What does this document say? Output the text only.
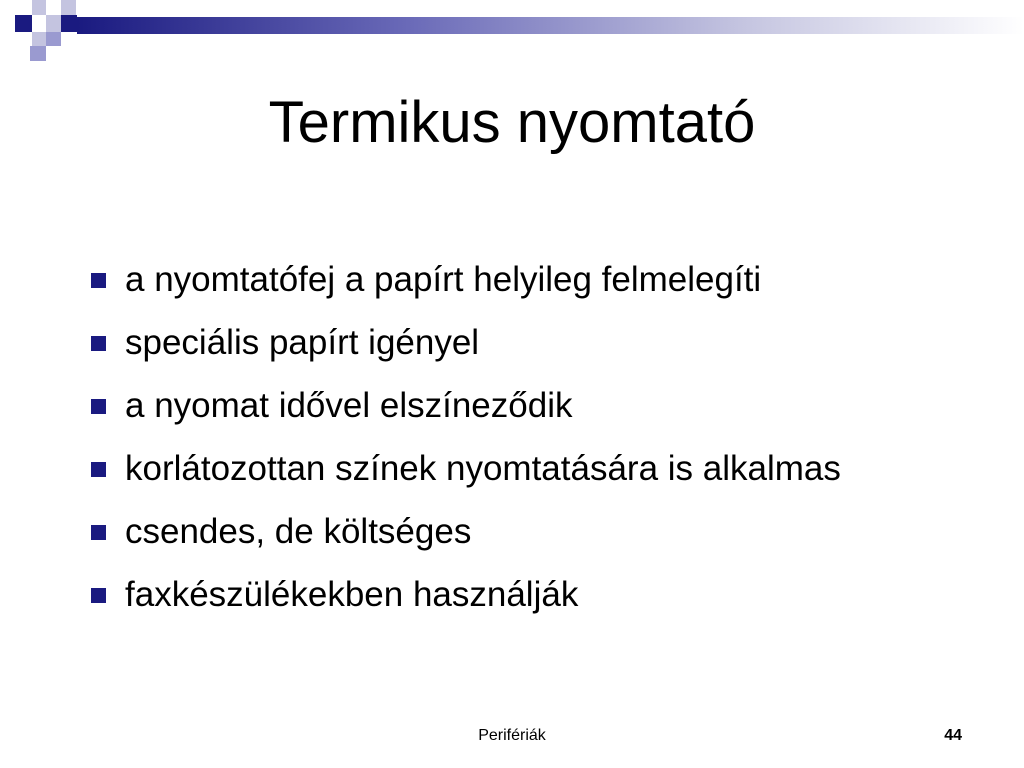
Termikus nyomtató
a nyomtatófej a papírt helyileg felmelegíti
speciális papírt igényel
a nyomat idővel elszíneződik
korlátozottan színek nyomtatására is alkalmas
csendes, de költséges
faxkészülékekben használják
Perifériák	44
